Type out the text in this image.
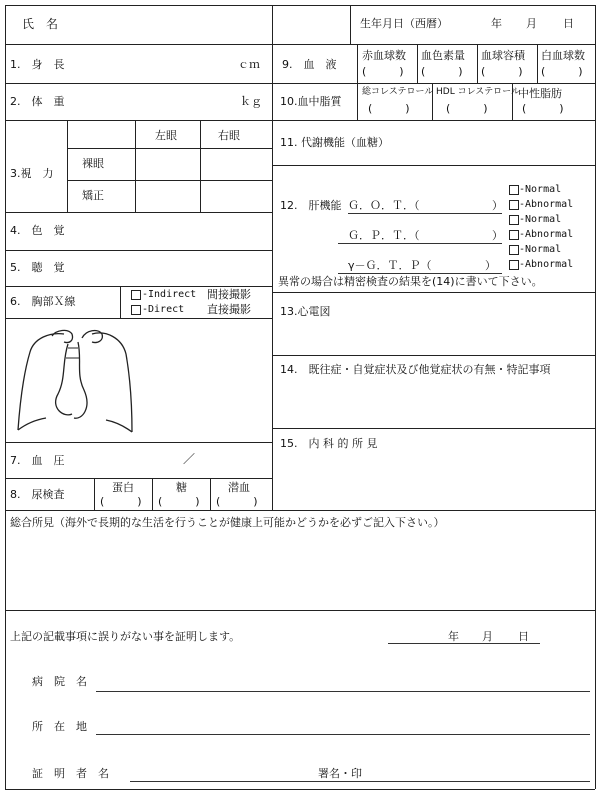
氏　名	生年月日（西暦）	年 月 日
1.　身　長	ｃｍ
2.　体　重	ｋｇ
3.視　力
左眼	右眼
裸眼
矯正
4.　色　覚
5.　聴　覚
6.　胸部Ｘ線
-Indirect 間接撮影
-Direct 直接撮影
7.　血　圧	／
8.　尿検査
蛋白
(　　　)
糖
(　　　)
潜血
(　　　)
9.　血　液
赤血球数
(　　　)
血色素量
(　　　)
血球容積
(　　　)
白血球数
(　　　)
10.血中脂質
総コレステロール
(　　　)
HDL コレステロール
(　　　)
中性脂肪
(　　　)
11. 代謝機能（血糖）
12.　肝機能 Ｇ．Ｏ．Ｔ．（	）
-Normal
-Abnormal
Ｇ．Ｐ．Ｔ．（	）
-Normal
-Abnormal
γ－Ｇ．Ｔ．Ｐ（	）
-Normal
-Abnormal
異常の場合は精密検査の結果を(14)に書いて下さい。
13.心電図
14.　既往症・自覚症状及び他覚症状の有無・特記事項
15.　内 科 的 所 見
総合所見（海外で長期的な生活を行うことが健康上可能かどうかを必ずご記入下さい。）
上記の記載事項に誤りがない事を証明します。	年 月 日
病　院　名
所　在　地
証　明　者　名	署名・印
